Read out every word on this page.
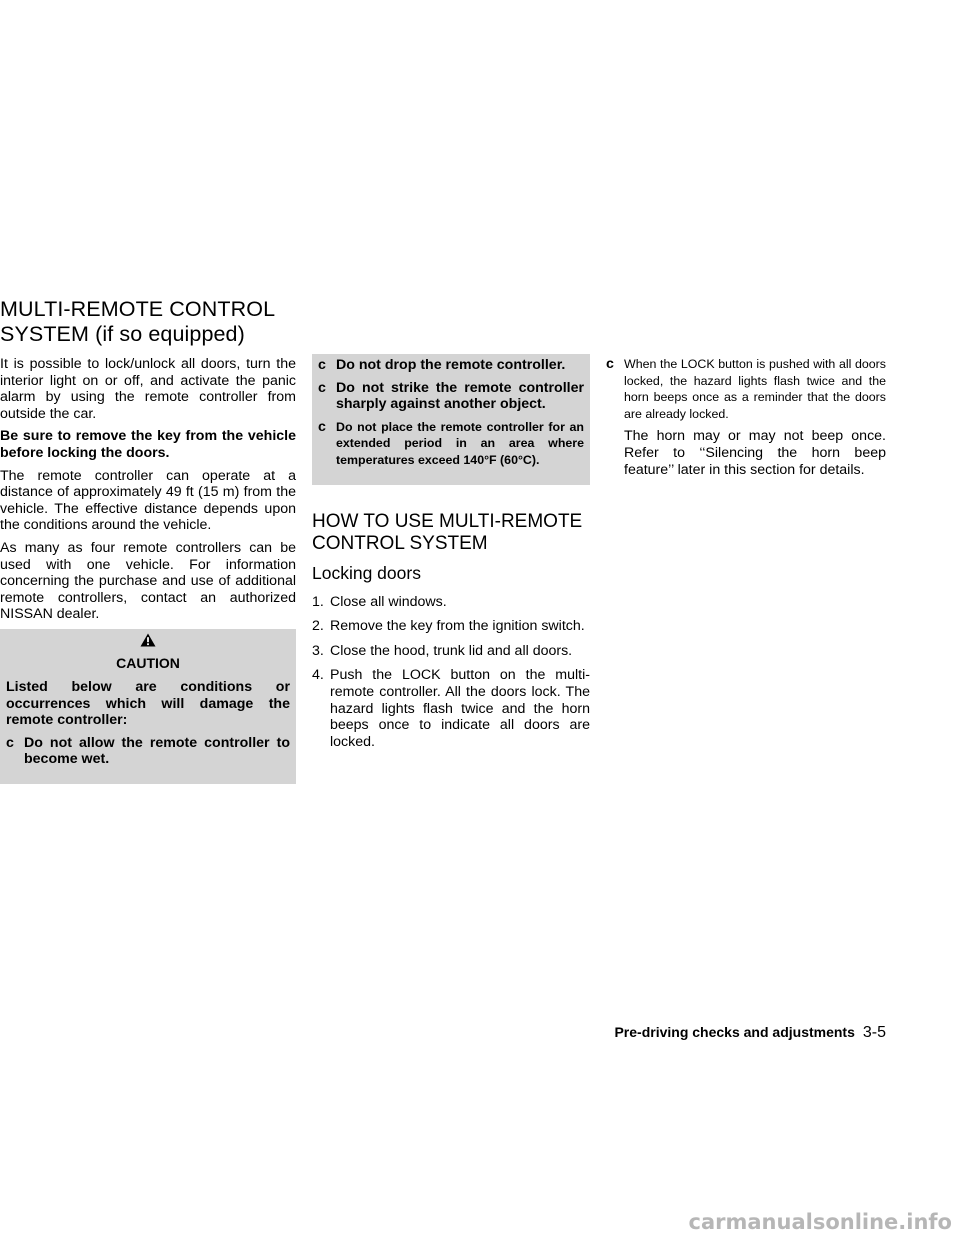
MULTI-REMOTE CONTROL
SYSTEM (if so equipped)

It is possible to lock/unlock all doors, turn the interior light on or off, and activate the panic alarm by using the remote controller from outside the car.

Be sure to remove the key from the vehicle before locking the doors.

The remote controller can operate at a distance of approximately 49 ft (15 m) from the vehicle. The effective distance depends upon the conditions around the vehicle.

As many as four remote controllers can be used with one vehicle. For information concerning the purchase and use of additional remote controllers, contact an authorized NISSAN dealer.

CAUTION

Listed below are conditions or occurrences which will damage the remote controller:

c Do not allow the remote controller to become wet.
c Do not drop the remote controller.
c Do not strike the remote controller sharply against another object.
c Do not place the remote controller for an extended period in an area where temperatures exceed 140°F (60°C).
HOW TO USE MULTI-REMOTE
CONTROL SYSTEM
Locking doors
1. Close all windows.
2. Remove the key from the ignition switch.
3. Close the hood, trunk lid and all doors.
4. Push the LOCK button on the multi-remote controller. All the doors lock. The hazard lights flash twice and the horn beeps once to indicate all doors are locked.
c When the LOCK button is pushed with all doors locked, the hazard lights flash twice and the horn beeps once as a reminder that the doors are already locked.

The horn may or may not beep once. Refer to ‘‘Silencing the horn beep feature’’ later in this section for details.

Pre-driving checks and adjustments 3-5
carmanualsonline.info
